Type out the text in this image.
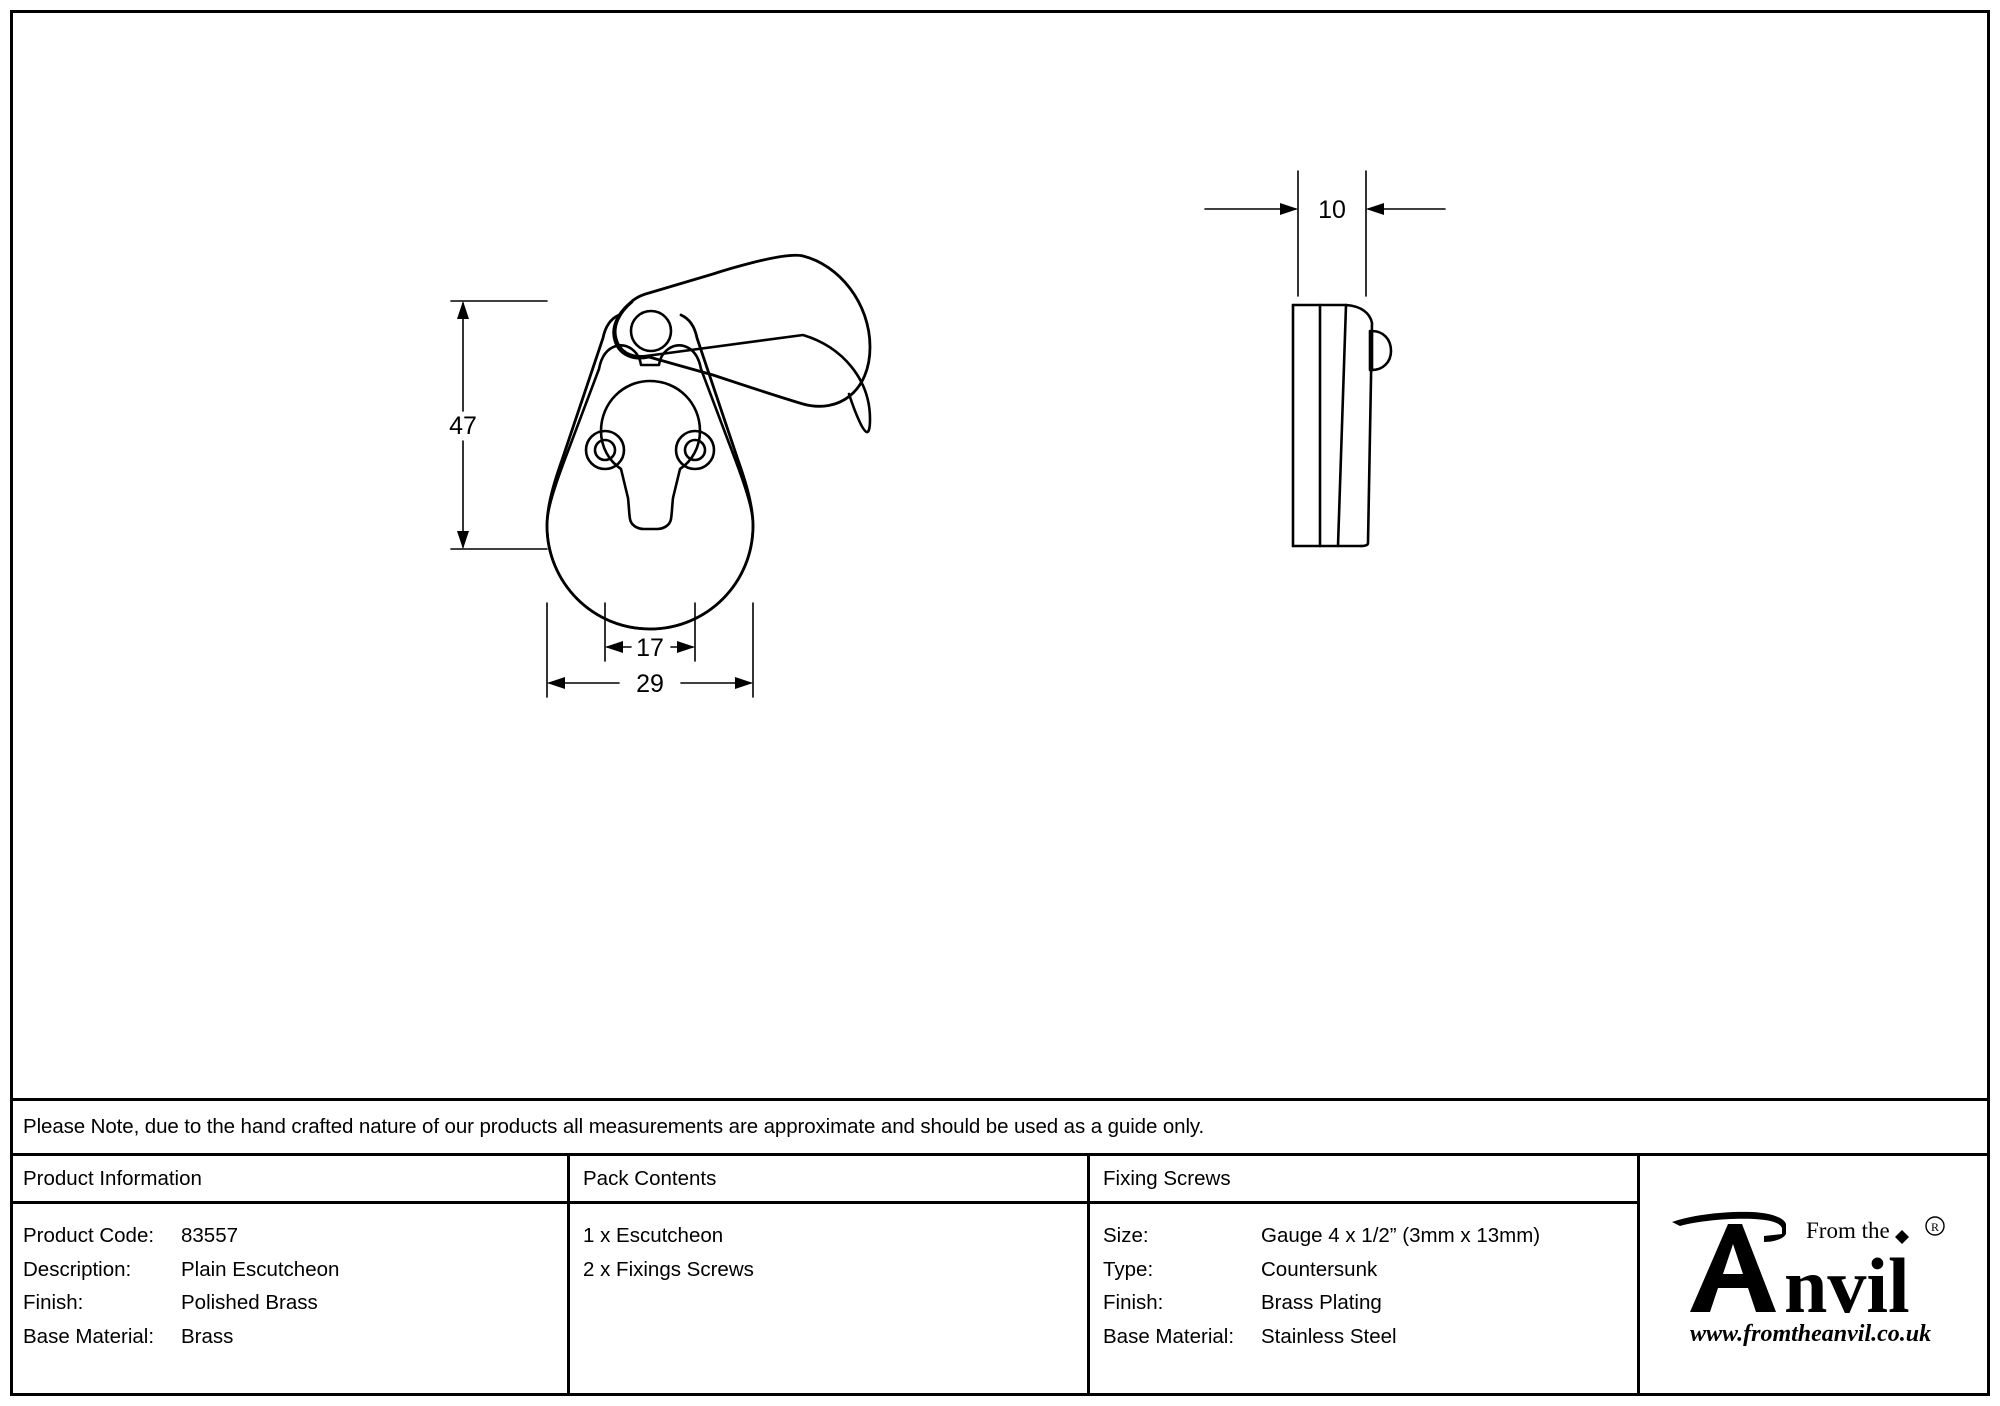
47
17
29
10
Please Note, due to the hand crafted nature of our products all measurements are approximate and should be used as a guide only.
Product Information
Product Code:	83557
Description:	Plain Escutcheon
Finish:	Polished Brass
Base Material:	Brass
Pack Contents
1 x Escutcheon
2 x Fixings Screws
Fixing Screws
Size:	Gauge 4 x 1/2” (3mm x 13mm)
Type:	Countersunk
Finish:	Brass Plating
Base Material:	Stainless Steel
From the
nvil
R
www.fromtheanvil.co.uk
